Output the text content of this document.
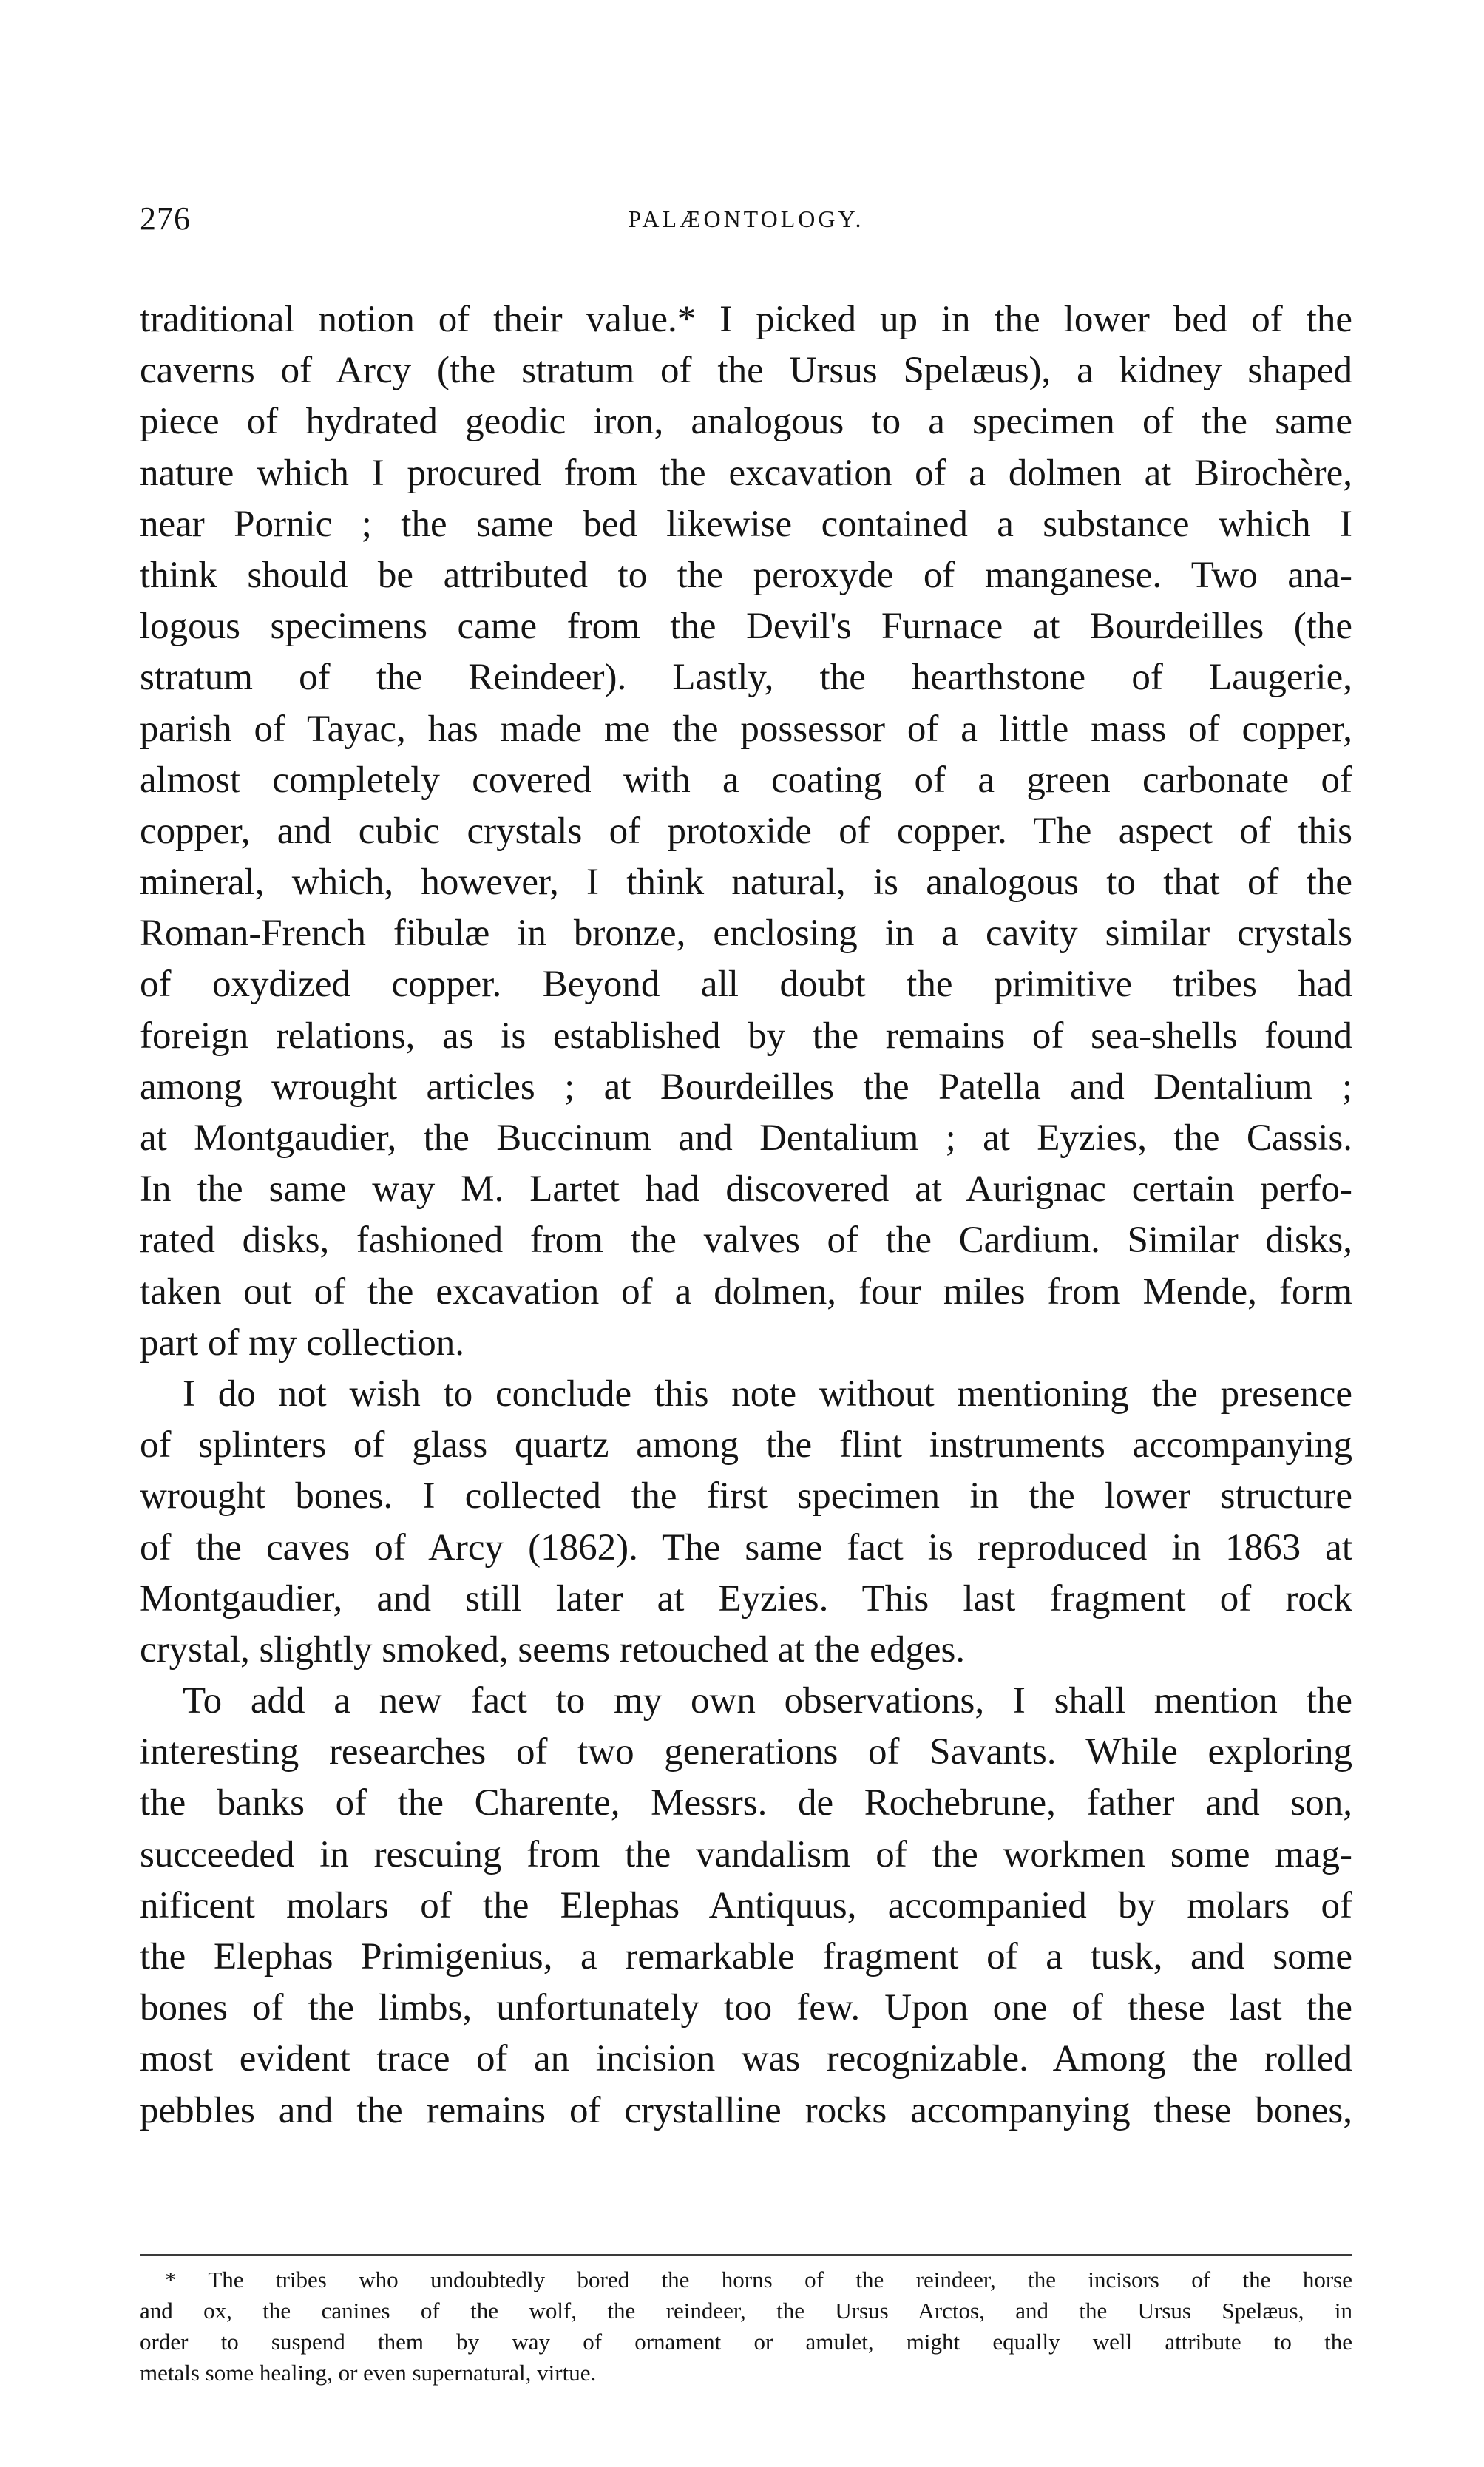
276	PALÆONTOLOGY.
traditional notion of their value.* I picked up in the lower bed of the
caverns of Arcy (the stratum of the Ursus Spelæus), a kidney shaped
piece of hydrated geodic iron, analogous to a specimen of the same
nature which I procured from the excavation of a dolmen at Birochère,
near Pornic ; the same bed likewise contained a substance which I
think should be attributed to the peroxyde of manganese. Two ana-
logous specimens came from the Devil's Furnace at Bourdeilles (the
stratum of the Reindeer). Lastly, the hearthstone of Laugerie,
parish of Tayac, has made me the possessor of a little mass of copper,
almost completely covered with a coating of a green carbonate of
copper, and cubic crystals of protoxide of copper. The aspect of this
mineral, which, however, I think natural, is analogous to that of the
Roman-French fibulæ in bronze, enclosing in a cavity similar crystals
of oxydized copper. Beyond all doubt the primitive tribes had
foreign relations, as is established by the remains of sea-shells found
among wrought articles ; at Bourdeilles the Patella and Dentalium ;
at Montgaudier, the Buccinum and Dentalium ; at Eyzies, the Cassis.
In the same way M. Lartet had discovered at Aurignac certain perfo-
rated disks, fashioned from the valves of the Cardium. Similar disks,
taken out of the excavation of a dolmen, four miles from Mende, form
part of my collection.
I do not wish to conclude this note without mentioning the presence
of splinters of glass quartz among the flint instruments accompanying
wrought bones. I collected the first specimen in the lower structure
of the caves of Arcy (1862). The same fact is reproduced in 1863 at
Montgaudier, and still later at Eyzies. This last fragment of rock
crystal, slightly smoked, seems retouched at the edges.
To add a new fact to my own observations, I shall mention the
interesting researches of two generations of Savants. While exploring
the banks of the Charente, Messrs. de Rochebrune, father and son,
succeeded in rescuing from the vandalism of the workmen some mag-
nificent molars of the Elephas Antiquus, accompanied by molars of
the Elephas Primigenius, a remarkable fragment of a tusk, and some
bones of the limbs, unfortunately too few. Upon one of these last the
most evident trace of an incision was recognizable. Among the rolled
pebbles and the remains of crystalline rocks accompanying these bones,
* The tribes who undoubtedly bored the horns of the reindeer, the incisors of the horse
and ox, the canines of the wolf, the reindeer, the Ursus Arctos, and the Ursus Spelæus, in
order to suspend them by way of ornament or amulet, might equally well attribute to the
metals some healing, or even supernatural, virtue.
